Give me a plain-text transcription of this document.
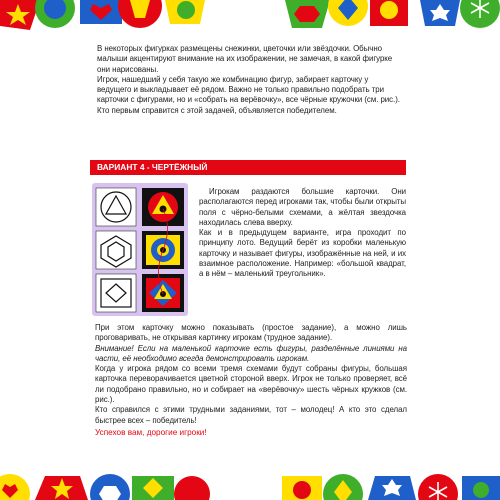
В некоторых фигурках размещены снежинки, цветочки или звёздочки. Обычно малыши акцентируют внимание на их изображении, не замечая, в какой фигурке они нарисованы.

Игрок, нашедший у себя такую же комбинацию фигур, забирает карточку у ведущего и выкладывает её рядом. Важно не только правильно подобрать три карточки с фигурами, но и «собрать на верёвочку», все чёрные кружочки (см. рис.).

Кто первым справится с этой задачей, объявляется победителем.

ВАРИАНТ 4 - ЧЕРТЁЖНЫЙ

Игрокам раздаются большие карточки. Они располагаются перед игроками так, чтобы были открыты поля с чёрно-белыми схемами, а жёлтая звездочка находилась слева вверху.

Как и в предыдущем варианте, игра проходит по принципу лото. Ведущий берёт из коробки маленькую карточку и называет фигуры, изображённые на ней, и их взаимное расположение. Например: «большой квадрат, а в нём – маленький треугольник».

При этом карточку можно показывать (простое задание), а можно лишь проговаривать, не открывая картинку игрокам (трудное задание).

Внимание! Если на маленькой карточке есть фигуры, разделённые линиями на части, её необходимо всегда демонстрировать игрокам.

Когда у игрока рядом со всеми тремя схемами будут собраны фигуры, большая карточка переворачивается цветной стороной вверх. Игрок не только проверяет, всё ли подобрано правильно, но и собирает на «верёвочку» шесть чёрных кружков (см. рис.).

Кто справился с этими трудными заданиями, тот – молодец! А кто это сделал быстрее всех – победитель!

Успехов вам, дорогие игроки!
